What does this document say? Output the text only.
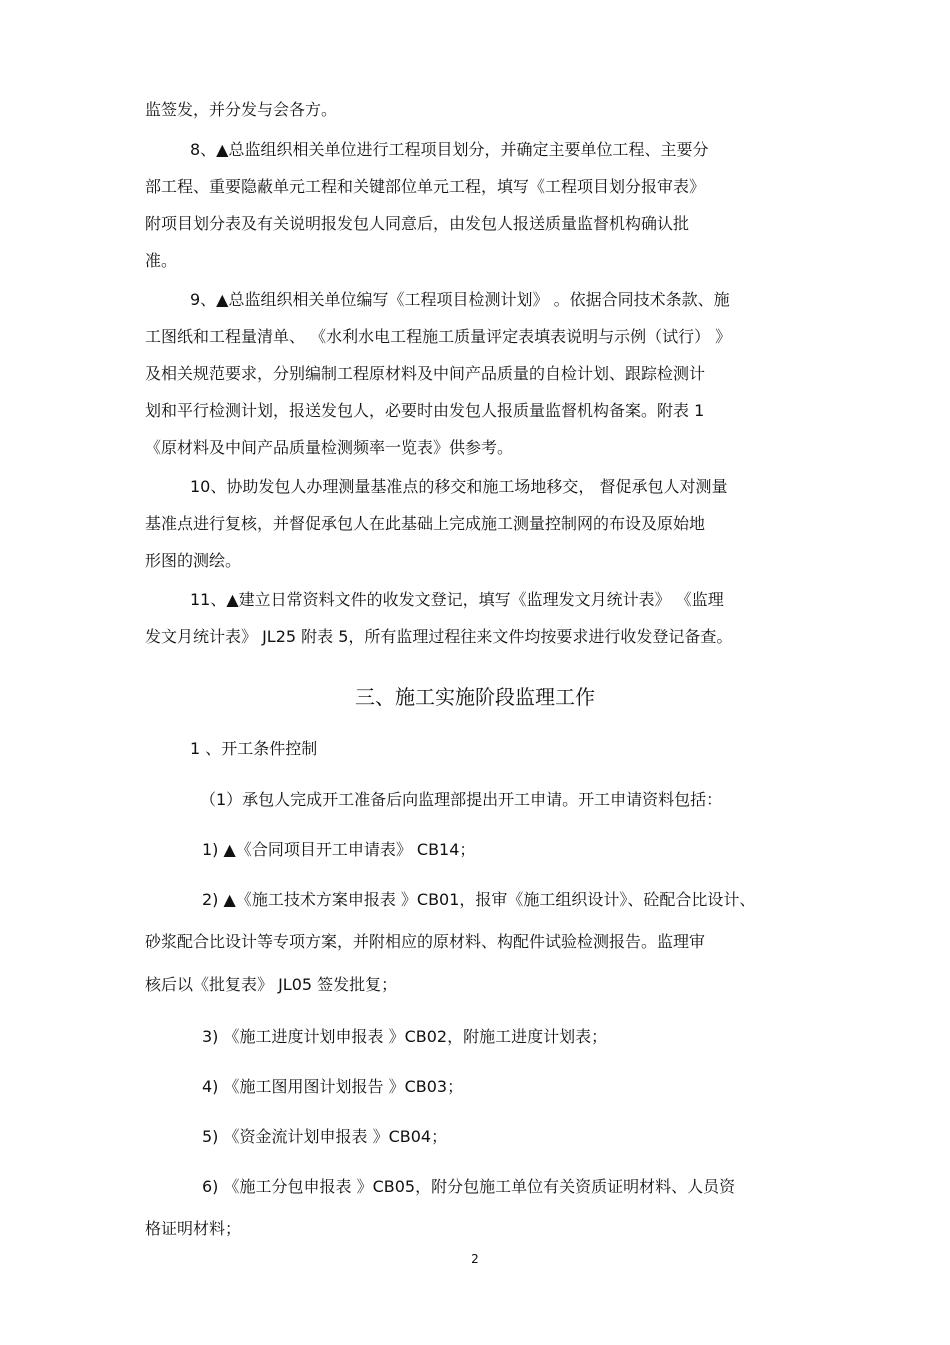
监签发，并分发与会各方。
8、▲总监组织相关单位进行工程项目划分，并确定主要单位工程、主要分
部工程、重要隐蔽单元工程和关键部位单元工程，填写《工程项目划分报审表》
附项目划分表及有关说明报发包人同意后，由发包人报送质量监督机构确认批
准。
9、▲总监组织相关单位编写《工程项目检测计划》 。依据合同技术条款、施
工图纸和工程量清单、 《水利水电工程施工质量评定表填表说明与示例（试行） 》
及相关规范要求，分别编制工程原材料及中间产品质量的自检计划、跟踪检测计
划和平行检测计划，报送发包人，必要时由发包人报质量监督机构备案。附表 1
《原材料及中间产品质量检测频率一览表》供参考。
10、协助发包人办理测量基准点的移交和施工场地移交， 督促承包人对测量
基准点进行复核，并督促承包人在此基础上完成施工测量控制网的布设及原始地
形图的测绘。
11、▲建立日常资料文件的收发文登记，填写《监理发文月统计表》 《监理
发文月统计表》 JL25 附表 5，所有监理过程往来文件均按要求进行收发登记备查。
三、施工实施阶段监理工作
1 、开工条件控制
（1）承包人完成开工准备后向监理部提出开工申请。开工申请资料包括：
1) ▲《合同项目开工申请表》 CB14；
2) ▲《施工技术方案申报表 》CB01，报审《施工组织设计》、砼配合比设计、
砂浆配合比设计等专项方案，并附相应的原材料、构配件试验检测报告。监理审
核后以《批复表》 JL05 签发批复；
3) 《施工进度计划申报表 》CB02，附施工进度计划表；
4) 《施工图用图计划报告 》CB03；
5) 《资金流计划申报表 》CB04；
6) 《施工分包申报表 》CB05，附分包施工单位有关资质证明材料、人员资
格证明材料；
2
